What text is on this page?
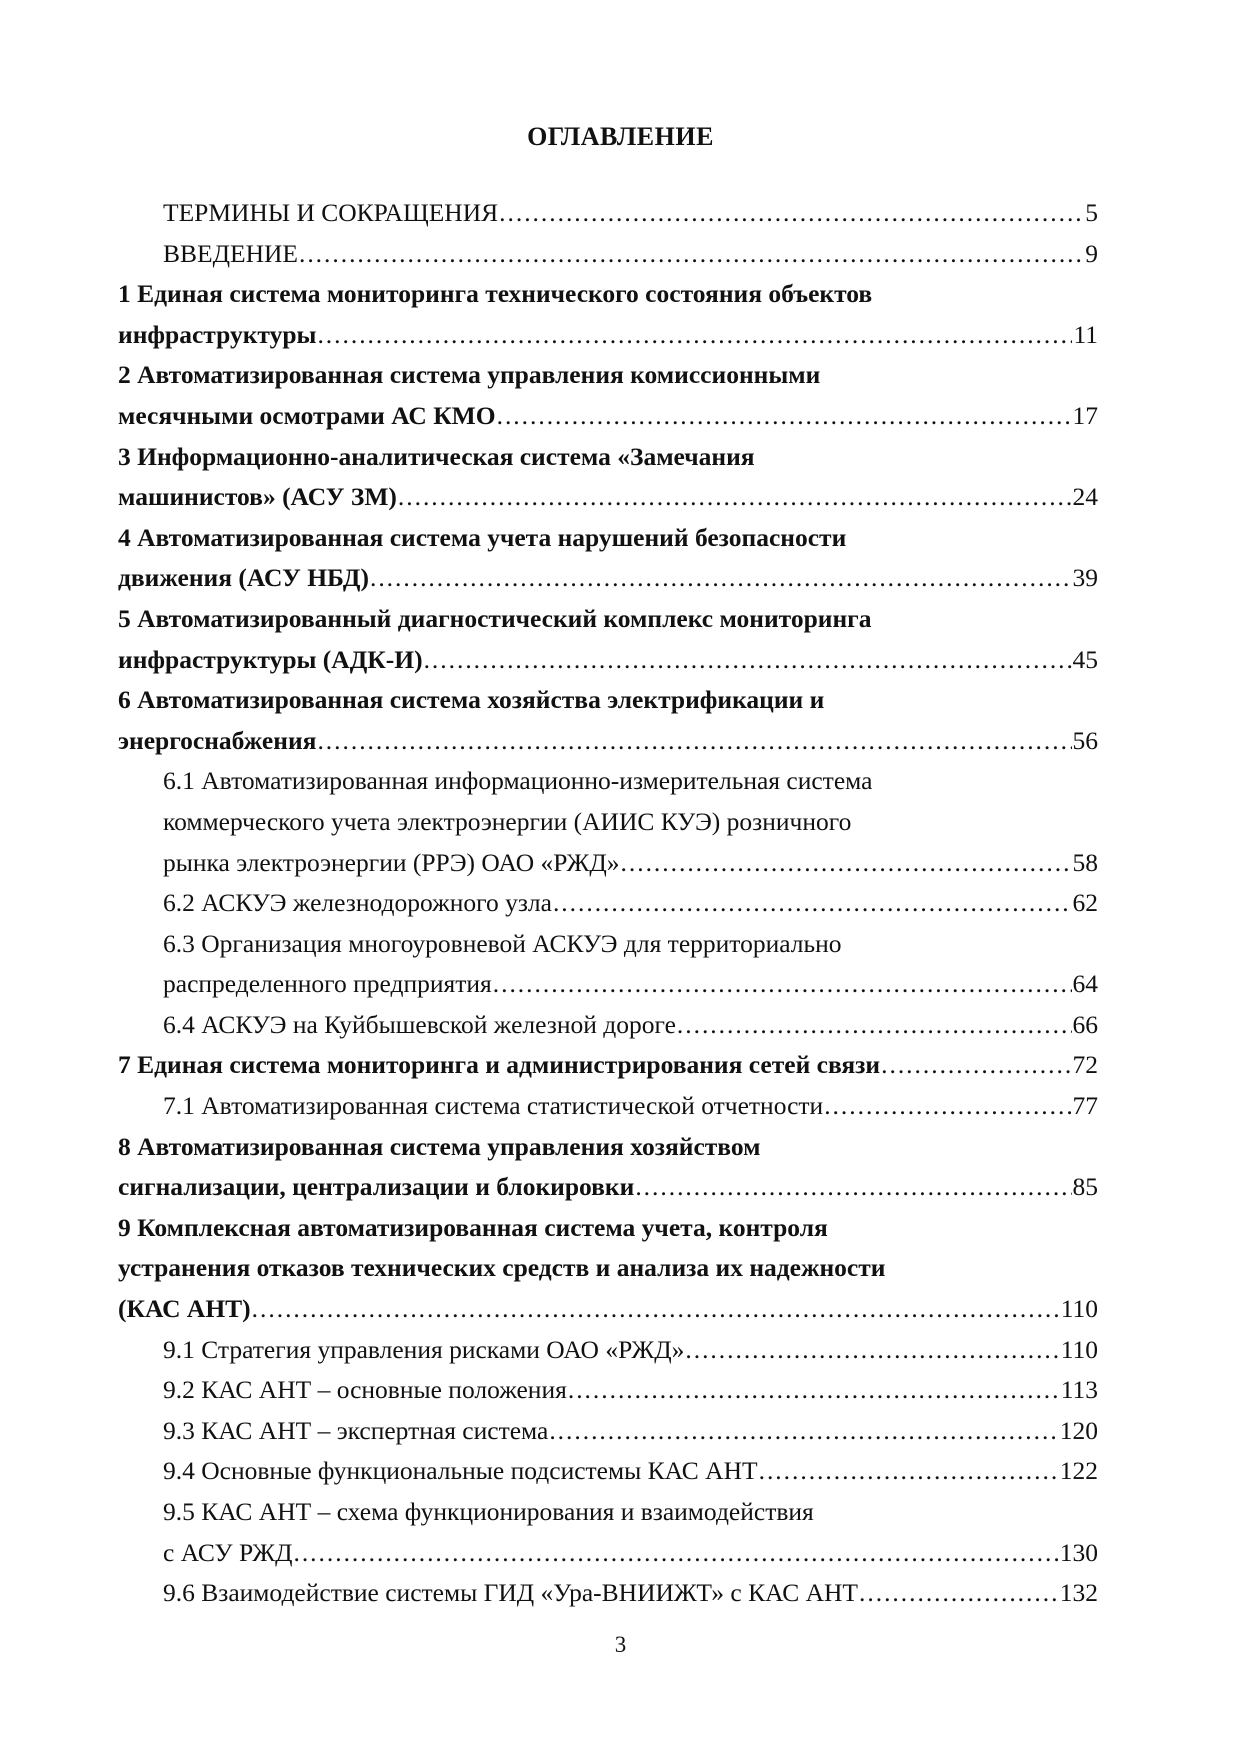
ОГЛАВЛЕНИЕ
ТЕРМИНЫ И СОКРАЩЕНИЯ . . .	5
ВВЕДЕНИЕ . . .	9
1 Единая система мониторинга технического состояния объектов
инфраструктуры . . .	11
2 Автоматизированная система управления комиссионными
месячными осмотрами АС КМО . . .	17
3 Информационно-аналитическая система «Замечания
машинистов» (АСУ ЗМ) . . .	24
4 Автоматизированная система учета нарушений безопасности
движения (АСУ НБД) . . .	39
5 Автоматизированный диагностический комплекс мониторинга
инфраструктуры (АДК-И) . . .	45
6 Автоматизированная система хозяйства электрификации и
энергоснабжения . . .	56
6.1 Автоматизированная информационно-измерительная система
коммерческого учета электроэнергии (АИИС КУЭ) розничного
рынка электроэнергии (РРЭ) ОАО «РЖД» . . .	58
6.2 АСКУЭ железнодорожного узла . . .	62
6.3 Организация многоуровневой АСКУЭ для территориально
распределенного предприятия . . .	64
6.4 АСКУЭ на Куйбышевской железной дороге . . .	66
7 Единая система мониторинга и администрирования сетей связи . . .	72
7.1 Автоматизированная система статистической отчетности . . .	77
8 Автоматизированная система управления хозяйством
сигнализации, централизации и блокировки . . .	85
9 Комплексная автоматизированная система учета, контроля
устранения отказов технических средств и анализа их надежности
(КАС АНТ) . . .	110
9.1 Стратегия управления рисками ОАО «РЖД» . . .	110
9.2 КАС АНТ – основные положения . . .	113
9.3 КАС АНТ – экспертная система . . .	120
9.4 Основные функциональные подсистемы КАС АНТ . . .	122
9.5 КАС АНТ – схема функционирования и взаимодействия
с АСУ РЖД . . .	130
9.6 Взаимодействие системы ГИД «Ура-ВНИИЖТ» с КАС АНТ . . .	132
3
